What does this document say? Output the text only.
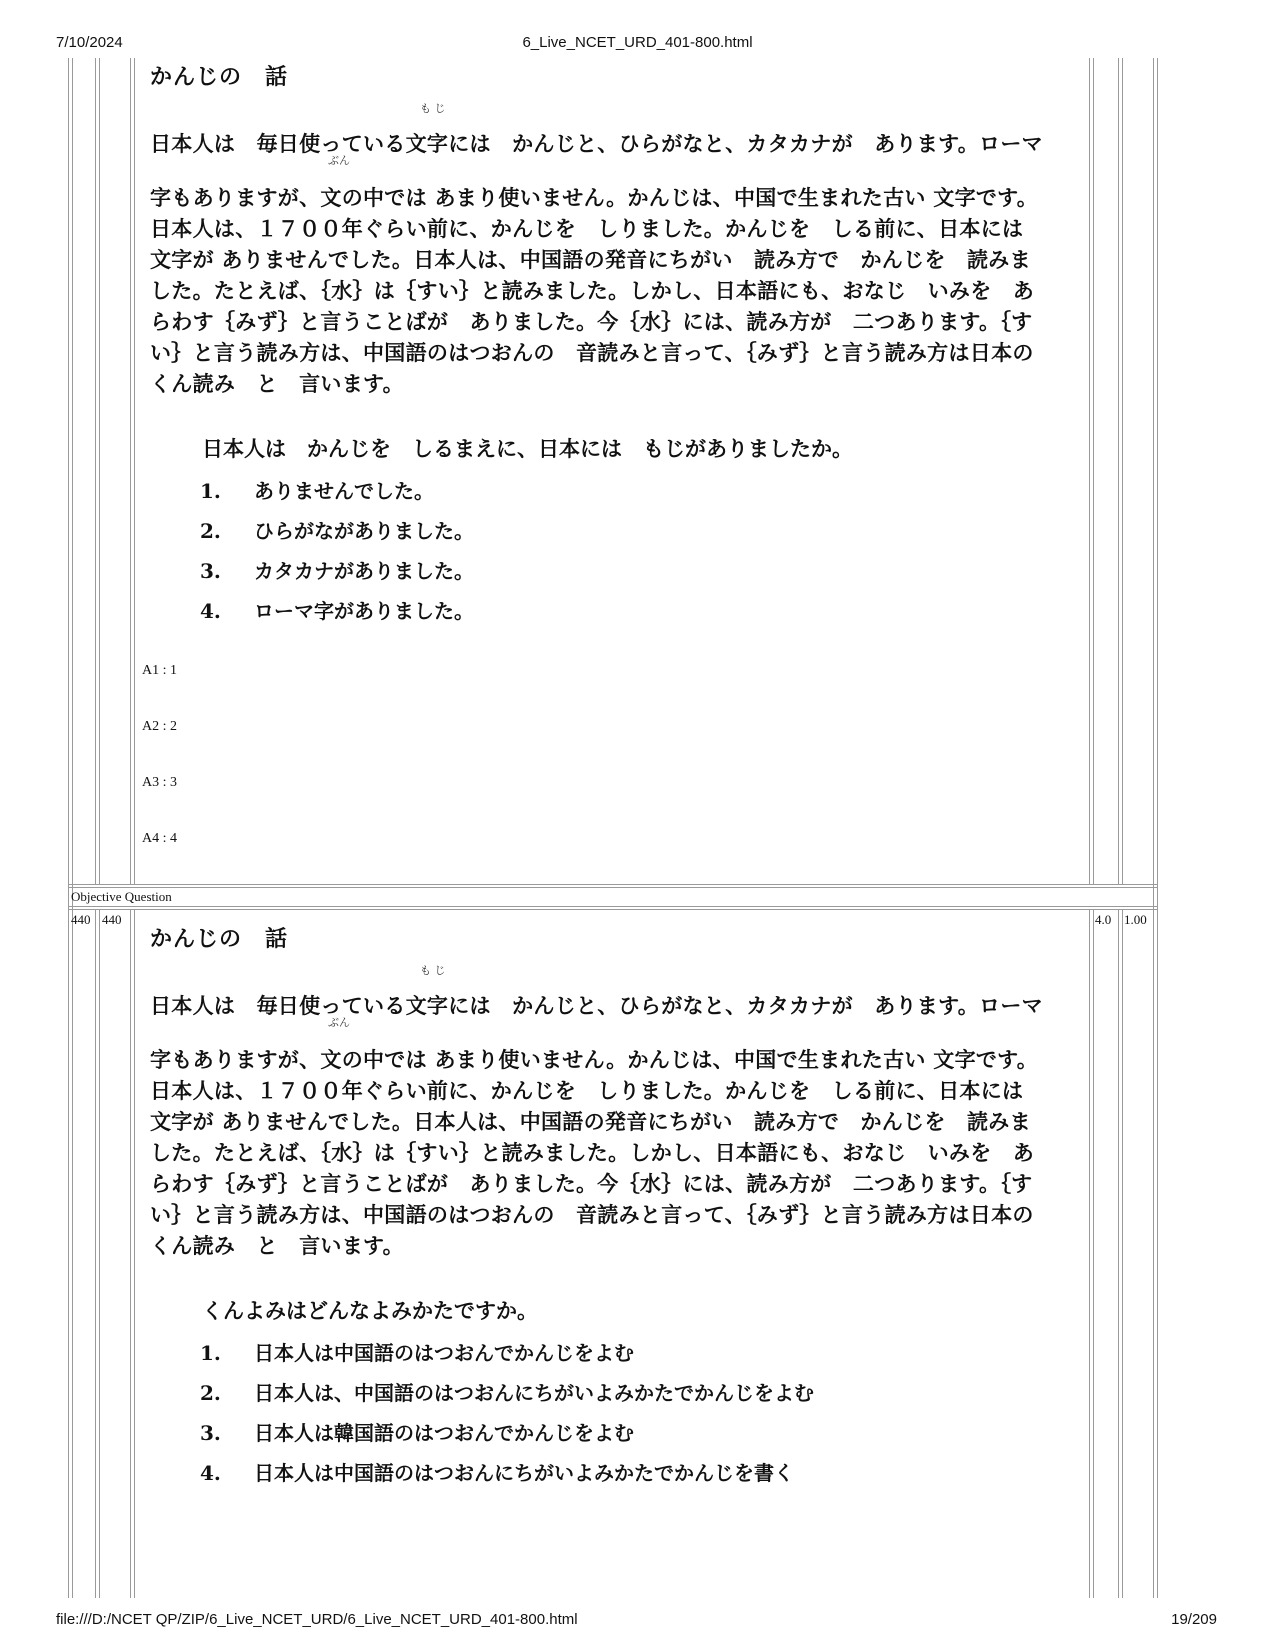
7/10/2024	6_Live_NCET_URD_401-800.html
file:///D:/NCET QP/ZIP/6_Live_NCET_URD/6_Live_NCET_URD_401-800.html	19/209
かんじの　話
も じ
ぶん
日本人は　毎日使っている文字には　かんじと、ひらがなと、カタカナが　あります。ローマ
字もありますが、文の中では あまり使いません。かんじは、中国で生まれた古い 文字です。
日本人は、１７００年ぐらい前に、かんじを　しりました。かんじを　しる前に、日本には
文字が ありませんでした。日本人は、中国語の発音にちがい　読み方で　かんじを　読みま
した。たとえば、｛水｝は｛すい｝と読みました。しかし、日本語にも、おなじ　いみを　あ
らわす｛みず｝と言うことばが　ありました。今｛水｝には、読み方が　二つあります。｛す
い｝と言う読み方は、中国語のはつおんの　音読みと言って、｛みず｝と言う読み方は日本の
くん読み　と　言います。
日本人は　かんじを　しるまえに、日本には　もじがありましたか。
1. ありませんでした。
2. ひらがながありました。
3. カタカナがありました。
4. ローマ字がありました。
A1 : 1
A2 : 2
A3 : 3
A4 : 4
Objective Question
440 440	4.0 1.00
かんじの　話
も じ
ぶん
日本人は　毎日使っている文字には　かんじと、ひらがなと、カタカナが　あります。ローマ
字もありますが、文の中では あまり使いません。かんじは、中国で生まれた古い 文字です。
日本人は、１７００年ぐらい前に、かんじを　しりました。かんじを　しる前に、日本には
文字が ありませんでした。日本人は、中国語の発音にちがい　読み方で　かんじを　読みま
した。たとえば、｛水｝は｛すい｝と読みました。しかし、日本語にも、おなじ　いみを　あ
らわす｛みず｝と言うことばが　ありました。今｛水｝には、読み方が　二つあります。｛す
い｝と言う読み方は、中国語のはつおんの　音読みと言って、｛みず｝と言う読み方は日本の
くん読み　と　言います。
くんよみはどんなよみかたですか。
1. 日本人は中国語のはつおんでかんじをよむ
2. 日本人は、中国語のはつおんにちがいよみかたでかんじをよむ
3. 日本人は韓国語のはつおんでかんじをよむ
4. 日本人は中国語のはつおんにちがいよみかたでかんじを書く
